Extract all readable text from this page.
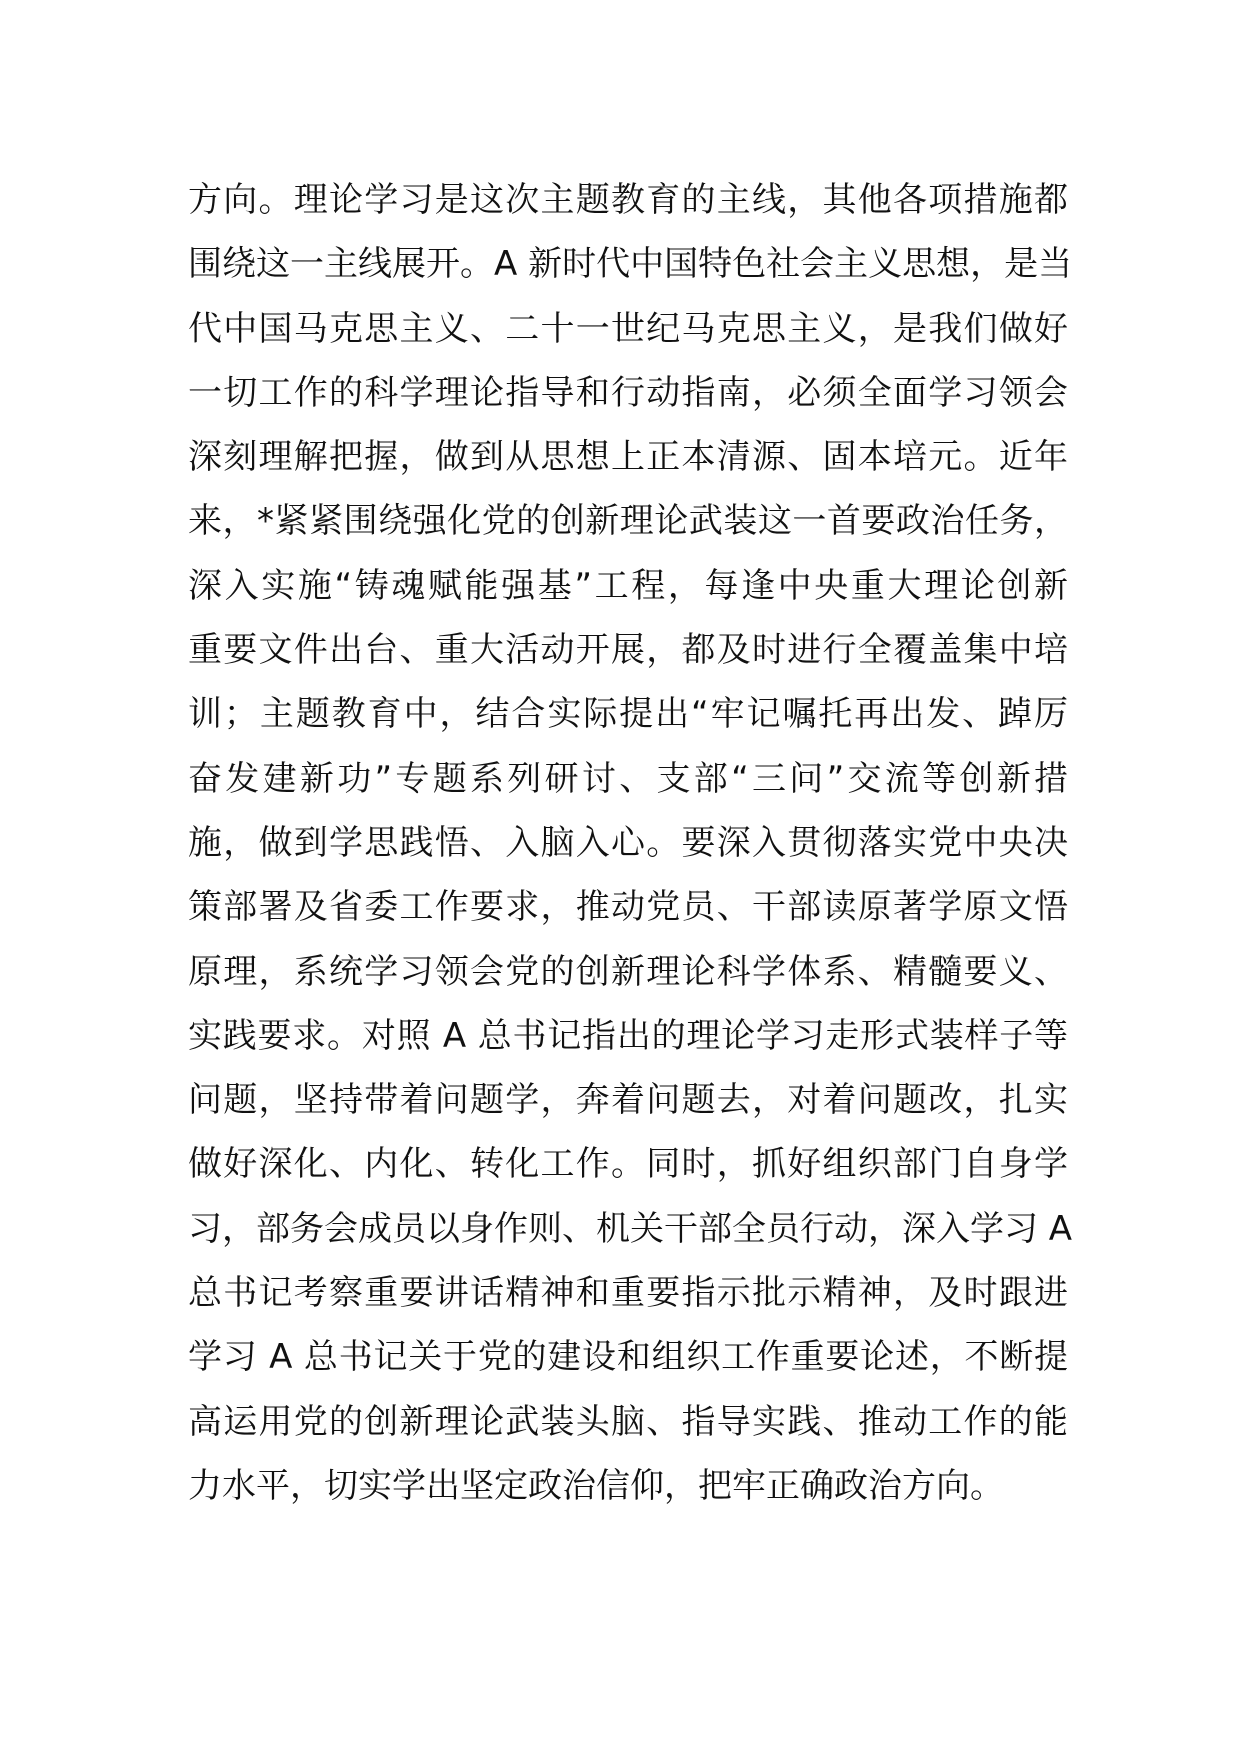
方向。理论学习是这次主题教育的主线，其他各项措施都
围绕这一主线展开。A 新时代中国特色社会主义思想，是当
代中国马克思主义、二十一世纪马克思主义，是我们做好
一切工作的科学理论指导和行动指南，必须全面学习领会
深刻理解把握，做到从思想上正本清源、固本培元。近年
来，*紧紧围绕强化党的创新理论武装这一首要政治任务，
深入实施“铸魂赋能强基”工程，每逢中央重大理论创新
重要文件出台、重大活动开展，都及时进行全覆盖集中培
训；主题教育中，结合实际提出“牢记嘱托再出发、踔厉
奋发建新功”专题系列研讨、支部“三问”交流等创新措
施，做到学思践悟、入脑入心。要深入贯彻落实党中央决
策部署及省委工作要求，推动党员、干部读原著学原文悟
原理，系统学习领会党的创新理论科学体系、精髓要义、
实践要求。对照 A 总书记指出的理论学习走形式装样子等
问题，坚持带着问题学，奔着问题去，对着问题改，扎实
做好深化、内化、转化工作。同时，抓好组织部门自身学
习，部务会成员以身作则、机关干部全员行动，深入学习 A
总书记考察重要讲话精神和重要指示批示精神，及时跟进
学习 A 总书记关于党的建设和组织工作重要论述，不断提
高运用党的创新理论武装头脑、指导实践、推动工作的能
力水平，切实学出坚定政治信仰，把牢正确政治方向。
